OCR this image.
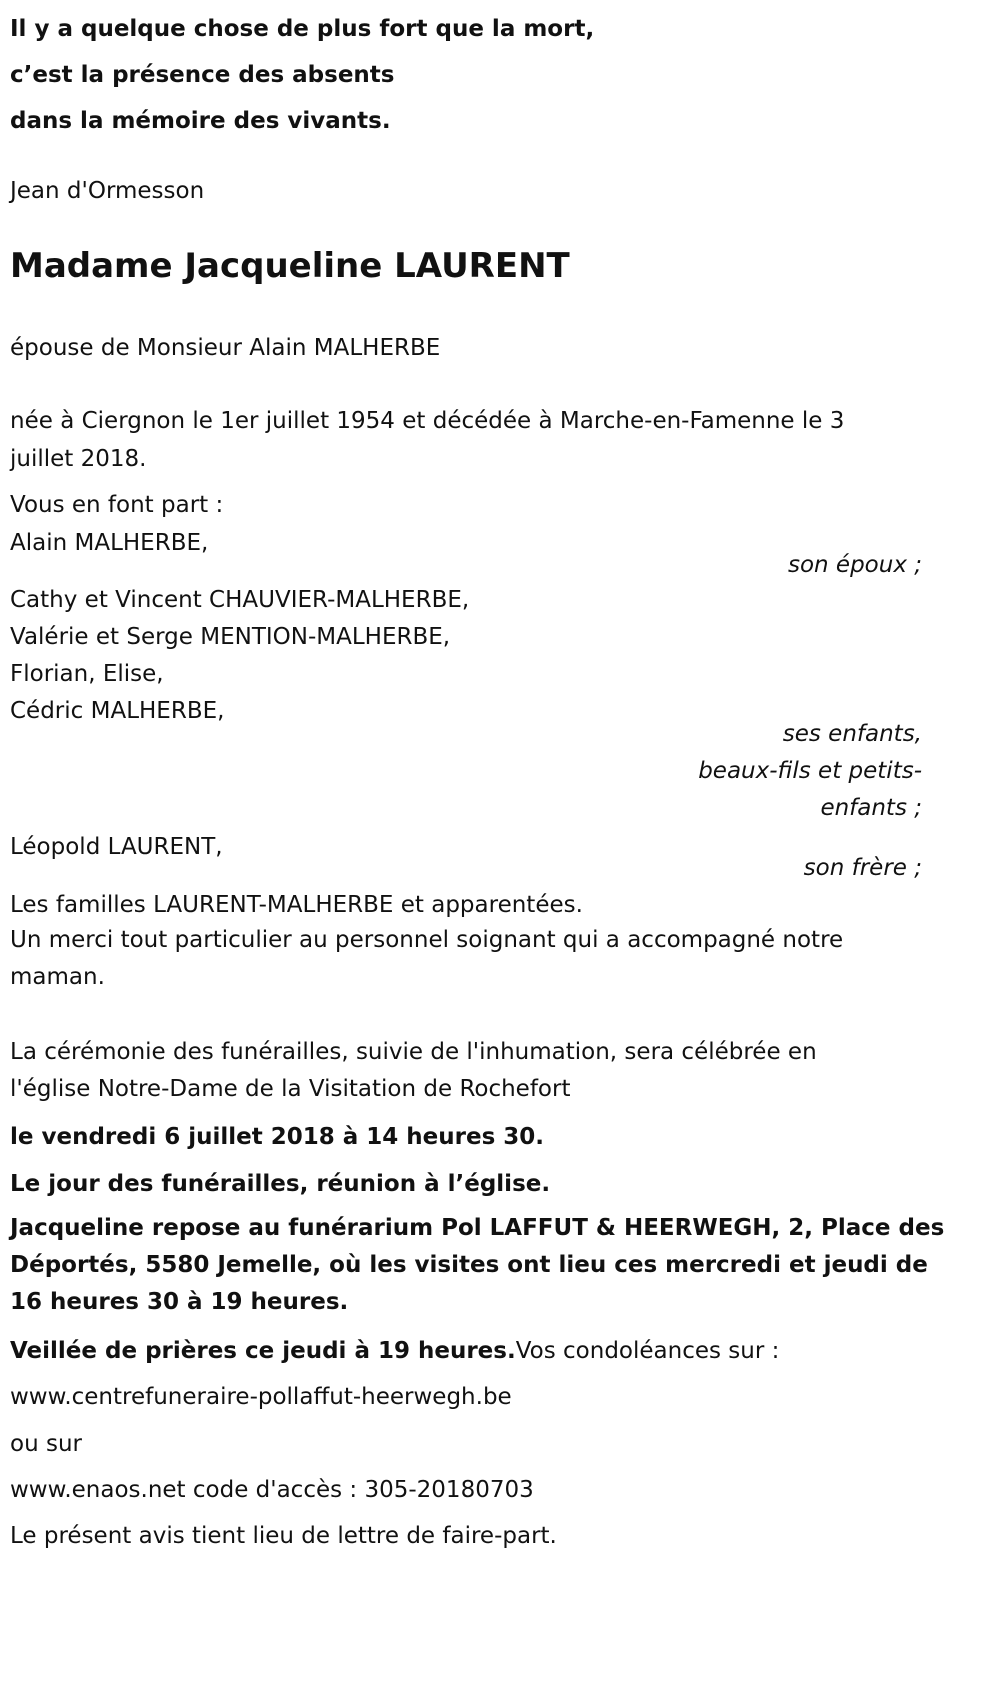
Il y a quelque chose de plus fort que la mort,
c’est la présence des absents
dans la mémoire des vivants.

Jean d'Ormesson

Madame Jacqueline LAURENT

épouse de Monsieur Alain MALHERBE

née à Ciergnon le 1er juillet 1954 et décédée à Marche-en-Famenne le 3
juillet 2018.

Vous en font part :

Alain MALHERBE,

son époux ;

Cathy et Vincent CHAUVIER-MALHERBE,
Valérie et Serge MENTION-MALHERBE,
Florian, Elise,
Cédric MALHERBE,
ses enfants,
beaux-fils et petits-
enfants ;

Léopold LAURENT,

son frère ;

Les familles LAURENT-MALHERBE et apparentées.

Un merci tout particulier au personnel soignant qui a accompagné notre
maman.
La cérémonie des funérailles, suivie de l'inhumation, sera célébrée en
l'église Notre-Dame de la Visitation de Rochefort

le vendredi 6 juillet 2018 à 14 heures 30.

Le jour des funérailles, réunion à l’église.

Jacqueline repose au funérarium Pol LAFFUT & HEERWEGH, 2, Place des
Déportés, 5580 Jemelle, où les visites ont lieu ces mercredi et jeudi de
16 heures 30 à 19 heures.

Veillée de prières ce jeudi à 19 heures.Vos condoléances sur :

www.centrefuneraire-pollaffut-heerwegh.be

ou sur

www.enaos.net code d'accès : 305-20180703

Le présent avis tient lieu de lettre de faire-part.
